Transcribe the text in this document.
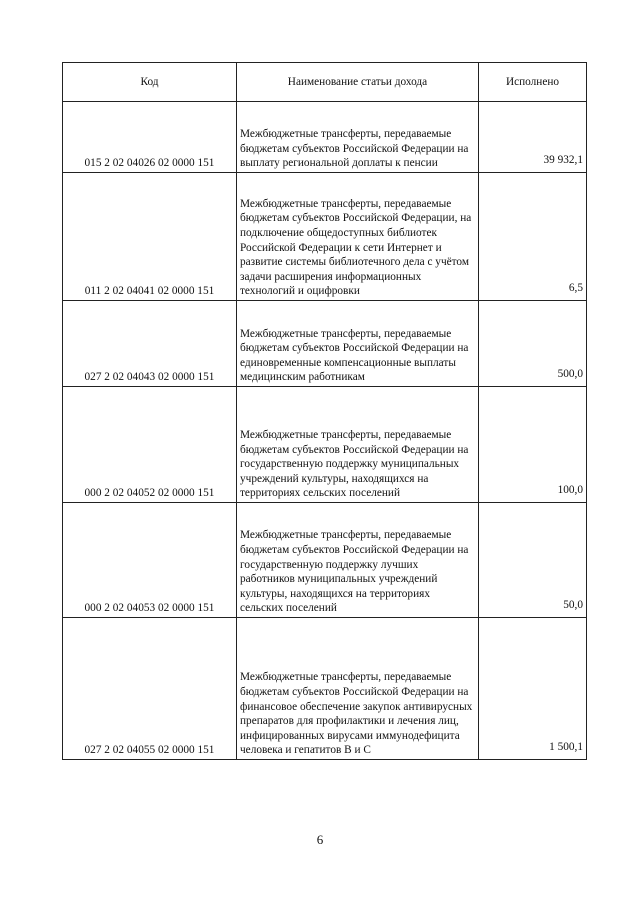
Код	Наименование статьи дохода	Исполнено
015 2 02 04026 02 0000 151	Межбюджетные трансферты, передаваемые бюджетам субъектов Российской Федерации на выплату региональной доплаты к пенсии	39 932,1
011 2 02 04041 02 0000 151	Межбюджетные трансферты, передаваемые бюджетам субъектов Российской Федерации, на подключение общедоступных библиотек Российской Федерации к сети Интернет и развитие системы библиотечного дела с учётом задачи расширения информационных технологий и оцифровки	6,5
027 2 02 04043 02 0000 151	Межбюджетные трансферты, передаваемые бюджетам субъектов Российской Федерации на единовременные компенсационные выплаты медицинским работникам	500,0
000 2 02 04052 02 0000 151	Межбюджетные трансферты, передаваемые бюджетам субъектов Российской Федерации на государственную поддержку муниципальных учреждений культуры, находящихся на территориях сельских поселений	100,0
000 2 02 04053 02 0000 151	Межбюджетные трансферты, передаваемые бюджетам субъектов Российской Федерации на государственную поддержку лучших работников муниципальных учреждений культуры, находящихся на территориях сельских поселений	50,0
027 2 02 04055 02 0000 151	Межбюджетные трансферты, передаваемые бюджетам субъектов Российской Федерации на финансовое обеспечение закупок антивирусных препаратов для профилактики и лечения лиц, инфицированных вирусами иммунодефицита человека и гепатитов В и С	1 500,1
6
